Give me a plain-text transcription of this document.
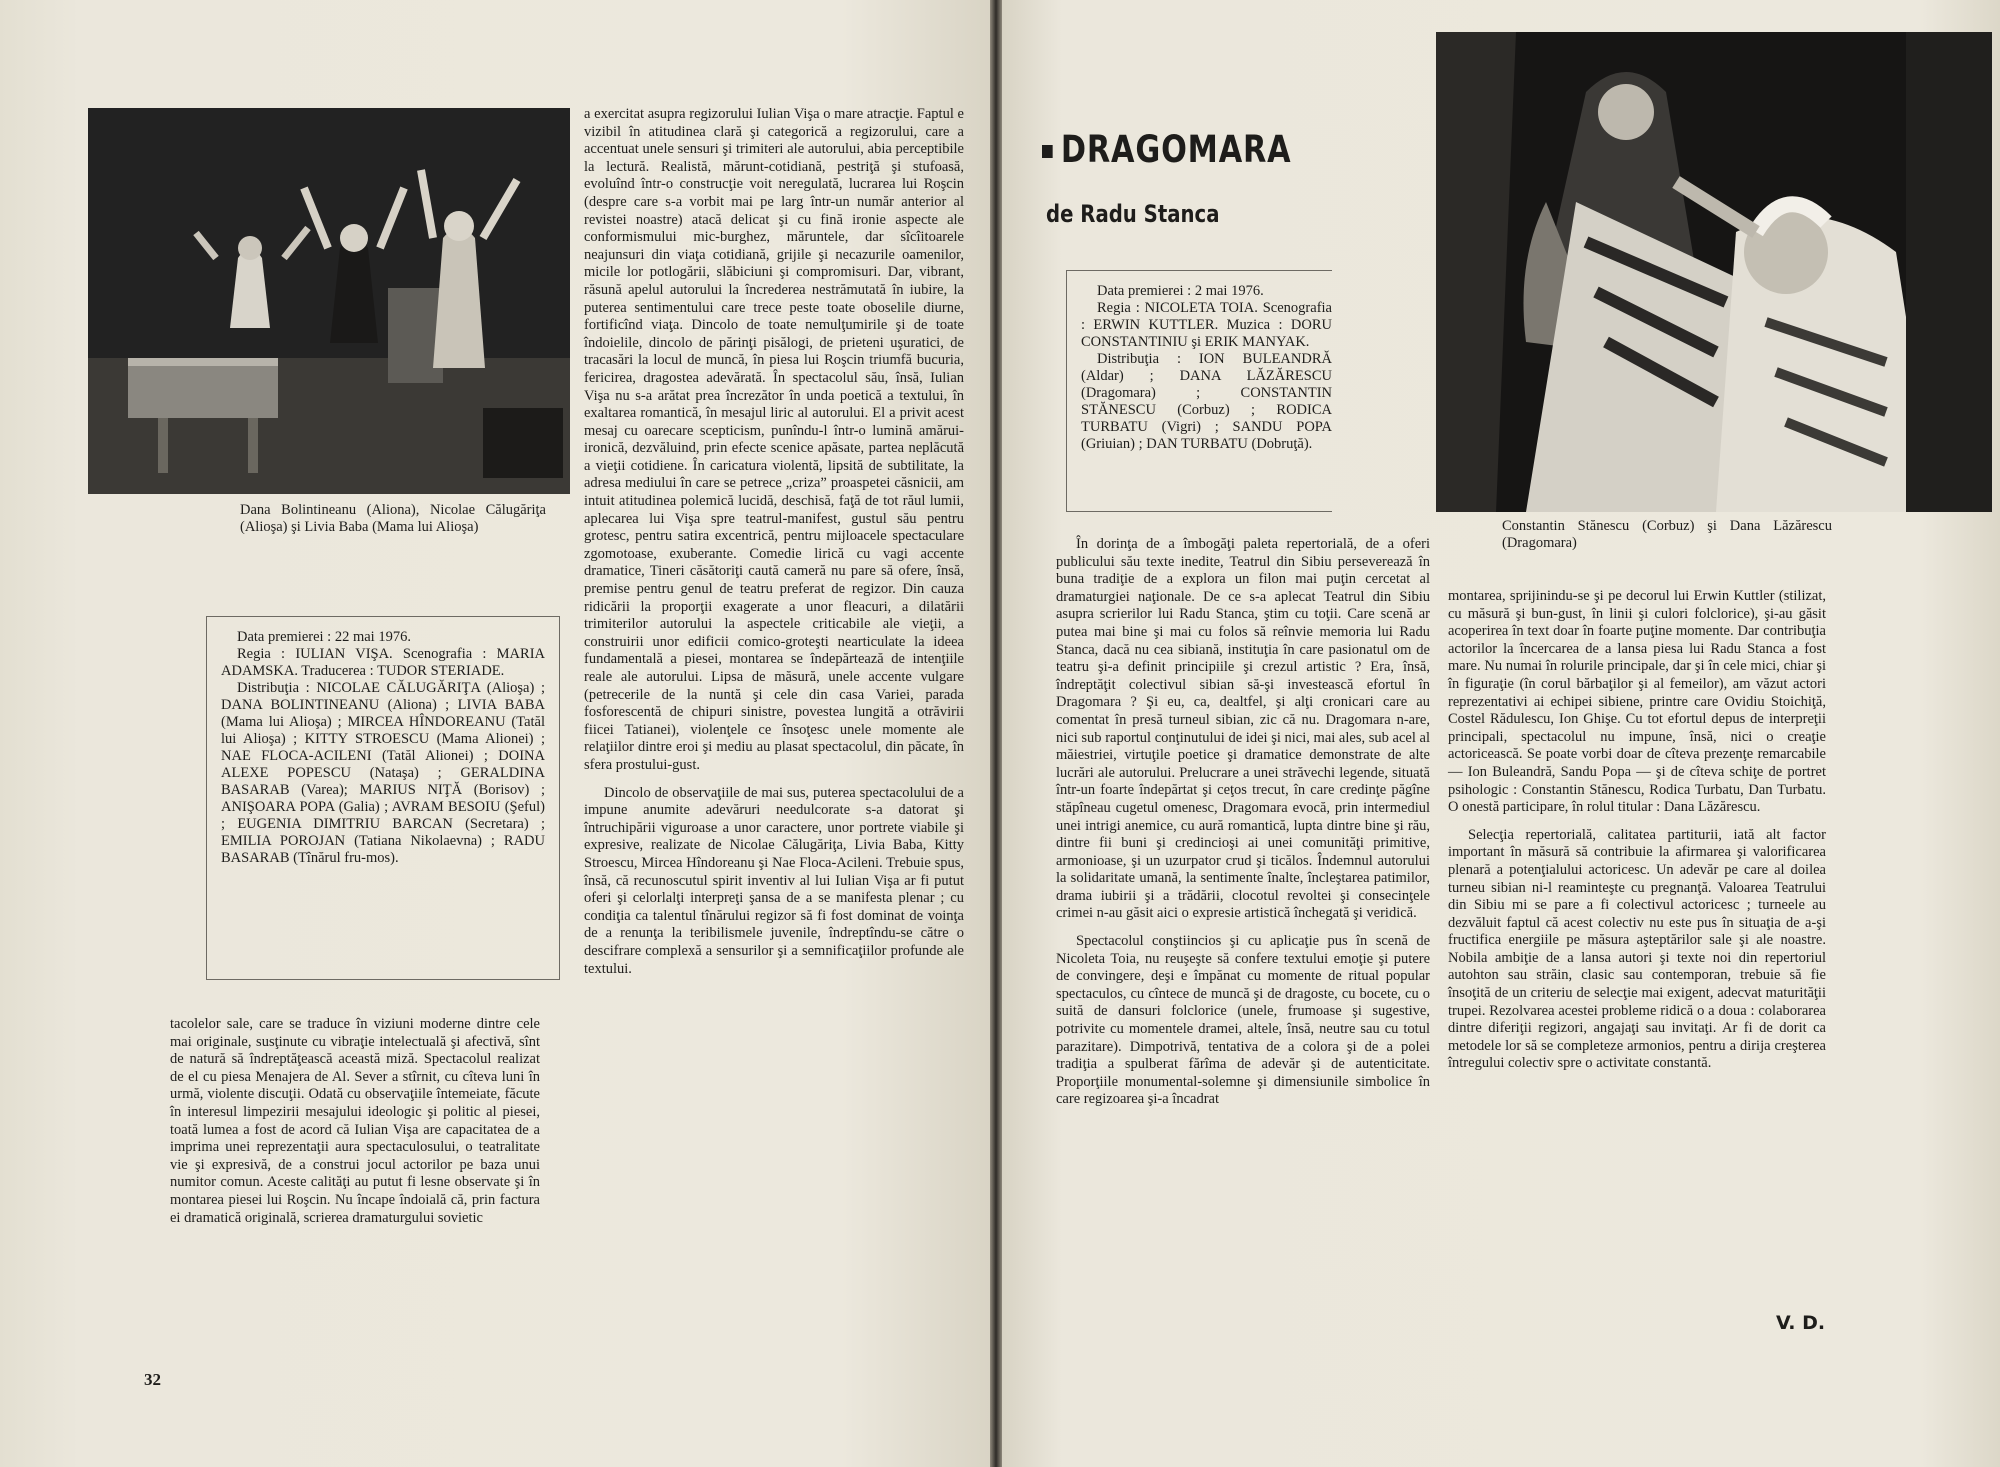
Dana Bolintineanu (Aliona), Nicolae Călugăriţa (Alioşa) şi Livia Baba (Mama lui Alioşa)

Data premierei : 22 mai 1976.

Regia : IULIAN VIŞA. Scenografia : MARIA ADAMSKA. Traducerea : TUDOR STERIADE.

Distribuţia : NICOLAE CĂLUGĂRIŢA (Alioşa) ; DANA BOLINTINEANU (Aliona) ; LIVIA BABA (Mama lui Alioşa) ; MIRCEA HÎNDOREANU (Tatăl lui Alioşa) ; KITTY STROESCU (Mama Alionei) ; NAE FLOCA-ACILENI (Tatăl Alionei) ; DOINA ALEXE POPESCU (Nataşa) ; GERALDINA BASARAB (Varea); MARIUS NIŢĂ (Borisov) ; ANIŞOARA POPA (Galia) ; AVRAM BESOIU (Şeful) ; EUGENIA DIMITRIU BARCAN (Secretara) ; EMILIA POROJAN (Tatiana Nikolaevna) ; RADU BASARAB (Tînărul fru-mos).

tacolelor sale, care se traduce în viziuni moderne dintre cele mai originale, susţinute cu vibraţie intelectuală şi afectivă, sînt de natură să îndreptăţească această miză. Spectacolul realizat de el cu piesa Menajera de Al. Sever a stîrnit, cu cîteva luni în urmă, violente discuţii. Odată cu observaţiile întemeiate, făcute în interesul limpezirii mesajului ideologic şi politic al piesei, toată lumea a fost de acord că Iulian Vişa are capacitatea de a imprima unei reprezentaţii aura spectaculosului, o teatralitate vie şi expresivă, de a construi jocul actorilor pe baza unui numitor comun. Aceste calităţi au putut fi lesne observate şi în montarea piesei lui Roşcin. Nu încape îndoială că, prin factura ei dramatică originală, scrierea dramaturgului sovietic

a exercitat asupra regizorului Iulian Vişa o mare atracţie. Faptul e vizibil în atitudinea clară şi categorică a regizorului, care a accentuat unele sensuri şi trimiteri ale autorului, abia perceptibile la lectură. Realistă, mărunt-cotidiană, pestriţă şi stufoasă, evoluînd într-o construcţie voit neregulată, lucrarea lui Roşcin (despre care s-a vorbit mai pe larg într-un număr anterior al revistei noastre) atacă delicat şi cu fină ironie aspecte ale conformismului mic-burghez, măruntele, dar sîcîitoarele neajunsuri din viaţa cotidiană, grijile şi necazurile oamenilor, micile lor potlogării, slăbiciuni şi compromisuri. Dar, vibrant, răsună apelul autorului la încrederea nestrămutată în iubire, la puterea sentimentului care trece peste toate oboselile diurne, fortificînd viaţa. Dincolo de toate nemulţumirile şi de toate îndoielile, dincolo de părinţi pisălogi, de prieteni uşuratici, de tracasări la locul de muncă, în piesa lui Roşcin triumfă bucuria, fericirea, dragostea adevărată. În spectacolul său, însă, Iulian Vişa nu s-a arătat prea încrezător în unda poetică a textului, în exaltarea romantică, în mesajul liric al autorului. El a privit acest mesaj cu oarecare scepticism, punîndu-l într-o lumină amărui-ironică, dezvăluind, prin efecte scenice apăsate, partea neplăcută a vieţii cotidiene. În caricatura violentă, lipsită de subtilitate, la adresa mediului în care se petrece „criza” proaspetei căsnicii, am intuit atitudinea polemică lucidă, deschisă, faţă de tot răul lumii, aplecarea lui Vişa spre teatrul-manifest, gustul său pentru grotesc, pentru satira excentrică, pentru mijloacele spectaculare zgomotoase, exuberante. Comedie lirică cu vagi accente dramatice, Tineri căsătoriţi caută cameră nu pare să ofere, însă, premise pentru genul de teatru preferat de regizor. Din cauza ridicării la proporţii exagerate a unor fleacuri, a dilatării trimiterilor autorului la aspectele criticabile ale vieţii, a construirii unor edificii comico-groteşti nearticulate la ideea fundamentală a piesei, montarea se îndepărtează de intenţiile reale ale autorului. Lipsa de măsură, unele accente vulgare (petrecerile de la nuntă şi cele din casa Variei, parada fosforescentă de chipuri sinistre, povestea lungită a otrăvirii fiicei Tatianei), violenţele ce însoţesc unele momente ale relaţiilor dintre eroi şi mediu au plasat spectacolul, din păcate, în sfera prostului-gust.

Dincolo de observaţiile de mai sus, puterea spectacolului de a impune anumite adevăruri needulcorate s-a datorat şi întruchipării viguroase a unor caractere, unor portrete viabile şi expresive, realizate de Nicolae Călugăriţa, Livia Baba, Kitty Stroescu, Mircea Hîndoreanu şi Nae Floca-Acileni. Trebuie spus, însă, că recunoscutul spirit inventiv al lui Iulian Vişa ar fi putut oferi şi celorlalţi interpreţi şansa de a se manifesta plenar ; cu condiţia ca talentul tînărului regizor să fi fost dominat de voinţa de a renunţa la teribilismele juvenile, îndreptîndu-se către o descifrare complexă a sensurilor şi a semnificaţiilor profunde ale textului.

32
DRAGOMARA
de Radu Stanca

Data premierei : 2 mai 1976.

Regia : NICOLETA TOIA. Scenografia : ERWIN KUTTLER. Muzica : DORU CONSTANTINIU şi ERIK MANYAK.

Distribuţia : ION BULEANDRĂ (Aldar) ; DANA LĂZĂRESCU (Dragomara) ; CONSTANTIN STĂNESCU (Corbuz) ; RODICA TURBATU (Vigri) ; SANDU POPA (Griuian) ; DAN TURBATU (Dobruţă).

Constantin Stănescu (Corbuz) şi Dana Lăzărescu (Dragomara)

În dorinţa de a îmbogăţi paleta repertorială, de a oferi publicului său texte inedite, Teatrul din Sibiu perseverează în buna tradiţie de a explora un filon mai puţin cercetat al dramaturgiei naţionale. De ce s-a aplecat Teatrul din Sibiu asupra scrierilor lui Radu Stanca, ştim cu toţii. Care scenă ar putea mai bine şi mai cu folos să reînvie memoria lui Radu Stanca, dacă nu cea sibiană, instituţia în care pasionatul om de teatru şi-a definit principiile şi crezul artistic ? Era, însă, îndreptăţit colectivul sibian să-şi investească efortul în Dragomara ? Şi eu, ca, dealtfel, şi alţi cronicari care au comentat în presă turneul sibian, zic că nu. Dragomara n-are, nici sub raportul conţinutului de idei şi nici, mai ales, sub acel al măiestriei, virtuţile poetice şi dramatice demonstrate de alte lucrări ale autorului. Prelucrare a unei străvechi legende, situată într-un foarte îndepărtat şi ceţos trecut, în care credinţe păgîne stăpîneau cugetul omenesc, Dragomara evocă, prin intermediul unei intrigi anemice, cu aură romantică, lupta dintre bine şi rău, dintre fii buni şi credincioşi ai unei comunităţi primitive, armonioase, şi un uzurpator crud şi ticălos. Îndemnul autorului la solidaritate umană, la sentimente înalte, încleştarea patimilor, drama iubirii şi a trădării, clocotul revoltei şi consecinţele crimei n-au găsit aici o expresie artistică închegată şi veridică.

Spectacolul conştiincios şi cu aplicaţie pus în scenă de Nicoleta Toia, nu reuşeşte să confere textului emoţie şi putere de convingere, deşi e împănat cu momente de ritual popular spectaculos, cu cîntece de muncă şi de dragoste, cu bocete, cu o suită de dansuri folclorice (unele, frumoase şi sugestive, potrivite cu momentele dramei, altele, însă, neutre sau cu totul parazitare). Dimpotrivă, tentativa de a colora şi de a polei tradiţia a spulberat fărîma de adevăr şi de autenticitate. Proporţiile monumental-solemne şi dimensiunile simbolice în care regizoarea şi-a încadrat

montarea, sprijinindu-se şi pe decorul lui Erwin Kuttler (stilizat, cu măsură şi bun-gust, în linii şi culori folclorice), şi-au găsit acoperirea în text doar în foarte puţine momente. Dar contribuţia actorilor la încercarea de a lansa piesa lui Radu Stanca a fost mare. Nu numai în rolurile principale, dar şi în cele mici, chiar şi în figuraţie (în corul bărbaţilor şi al femeilor), am văzut actori reprezentativi ai echipei sibiene, printre care Ovidiu Stoichiţă, Costel Rădulescu, Ion Ghişe. Cu tot efortul depus de interpreţii principali, spectacolul nu impune, însă, nici o creaţie actoricească. Se poate vorbi doar de cîteva prezenţe remarcabile — Ion Buleandră, Sandu Popa — şi de cîteva schiţe de portret psihologic : Constantin Stănescu, Rodica Turbatu, Dan Turbatu. O onestă participare, în rolul titular : Dana Lăzărescu.

Selecţia repertorială, calitatea partiturii, iată alt factor important în măsură să contribuie la afirmarea şi valorificarea plenară a potenţialului actoricesc. Un adevăr pe care al doilea turneu sibian ni-l reaminteşte cu pregnanţă. Valoarea Teatrului din Sibiu mi se pare a fi colectivul actoricesc ; turneele au dezvăluit faptul că acest colectiv nu este pus în situaţia de a-şi fructifica energiile pe măsura aşteptărilor sale şi ale noastre. Nobila ambiţie de a lansa autori şi texte noi din repertoriul autohton sau străin, clasic sau contemporan, trebuie să fie însoţită de un criteriu de selecţie mai exigent, adecvat maturităţii trupei. Rezolvarea acestei probleme ridică o a doua : colaborarea dintre diferiţii regizori, angajaţi sau invitaţi. Ar fi de dorit ca metodele lor să se completeze armonios, pentru a dirija creşterea întregului colectiv spre o activitate constantă.

V. D.
